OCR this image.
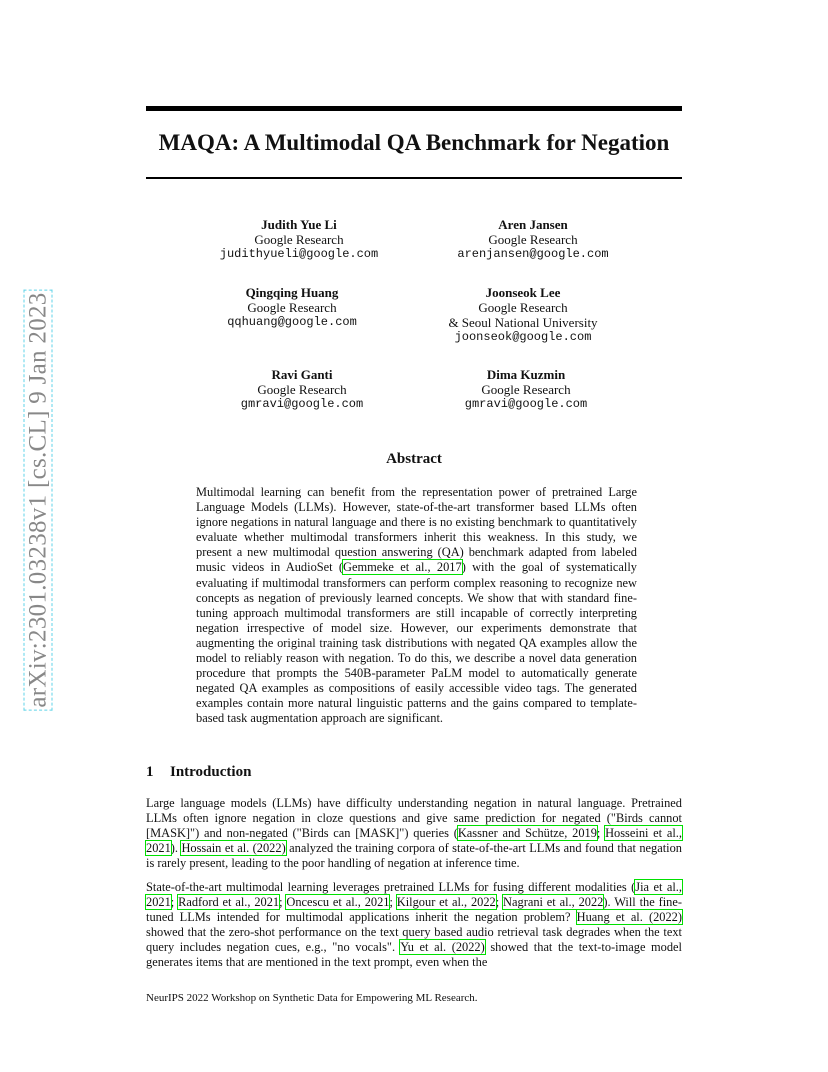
arXiv:2301.03238v1 [cs.CL] 9 Jan 2023
MAQA: A Multimodal QA Benchmark for Negation
Judith Yue Li
Google Research
judithyueli@google.com
Aren Jansen
Google Research
arenjansen@google.com
Qingqing Huang
Google Research
qqhuang@google.com
Joonseok Lee
Google Research
& Seoul National University
joonseok@google.com
Ravi Ganti
Google Research
gmravi@google.com
Dima Kuzmin
Google Research
gmravi@google.com
Abstract
Multimodal learning can benefit from the representation power of pretrained Large Language Models (LLMs). However, state-of-the-art transformer based LLMs often ignore negations in natural language and there is no existing benchmark to quantitatively evaluate whether multimodal transformers inherit this weakness. In this study, we present a new multimodal question answering (QA) benchmark adapted from labeled music videos in AudioSet (Gemmeke et al., 2017) with the goal of systematically evaluating if multimodal transformers can perform complex reasoning to recognize new concepts as negation of previously learned concepts. We show that with standard fine-tuning approach multimodal transformers are still incapable of correctly interpreting negation irrespective of model size. However, our experiments demonstrate that augmenting the original training task distributions with negated QA examples allow the model to reliably reason with negation. To do this, we describe a novel data generation procedure that prompts the 540B-parameter PaLM model to automatically generate negated QA examples as compositions of easily accessible video tags. The generated examples contain more natural linguistic patterns and the gains compared to template-based task augmentation approach are significant.
1 Introduction
Large language models (LLMs) have difficulty understanding negation in natural language. Pretrained LLMs often ignore negation in cloze questions and give same prediction for negated ("Birds cannot [MASK]") and non-negated ("Birds can [MASK]") queries (Kassner and Schütze, 2019; Hosseini et al., 2021). Hossain et al. (2022) analyzed the training corpora of state-of-the-art LLMs and found that negation is rarely present, leading to the poor handling of negation at inference time.
State-of-the-art multimodal learning leverages pretrained LLMs for fusing different modalities (Jia et al., 2021; Radford et al., 2021; Oncescu et al., 2021; Kilgour et al., 2022; Nagrani et al., 2022). Will the fine-tuned LLMs intended for multimodal applications inherit the negation problem? Huang et al. (2022) showed that the zero-shot performance on the text query based audio retrieval task degrades when the text query includes negation cues, e.g., "no vocals". Yu et al. (2022) showed that the text-to-image model generates items that are mentioned in the text prompt, even when the
NeurIPS 2022 Workshop on Synthetic Data for Empowering ML Research.
